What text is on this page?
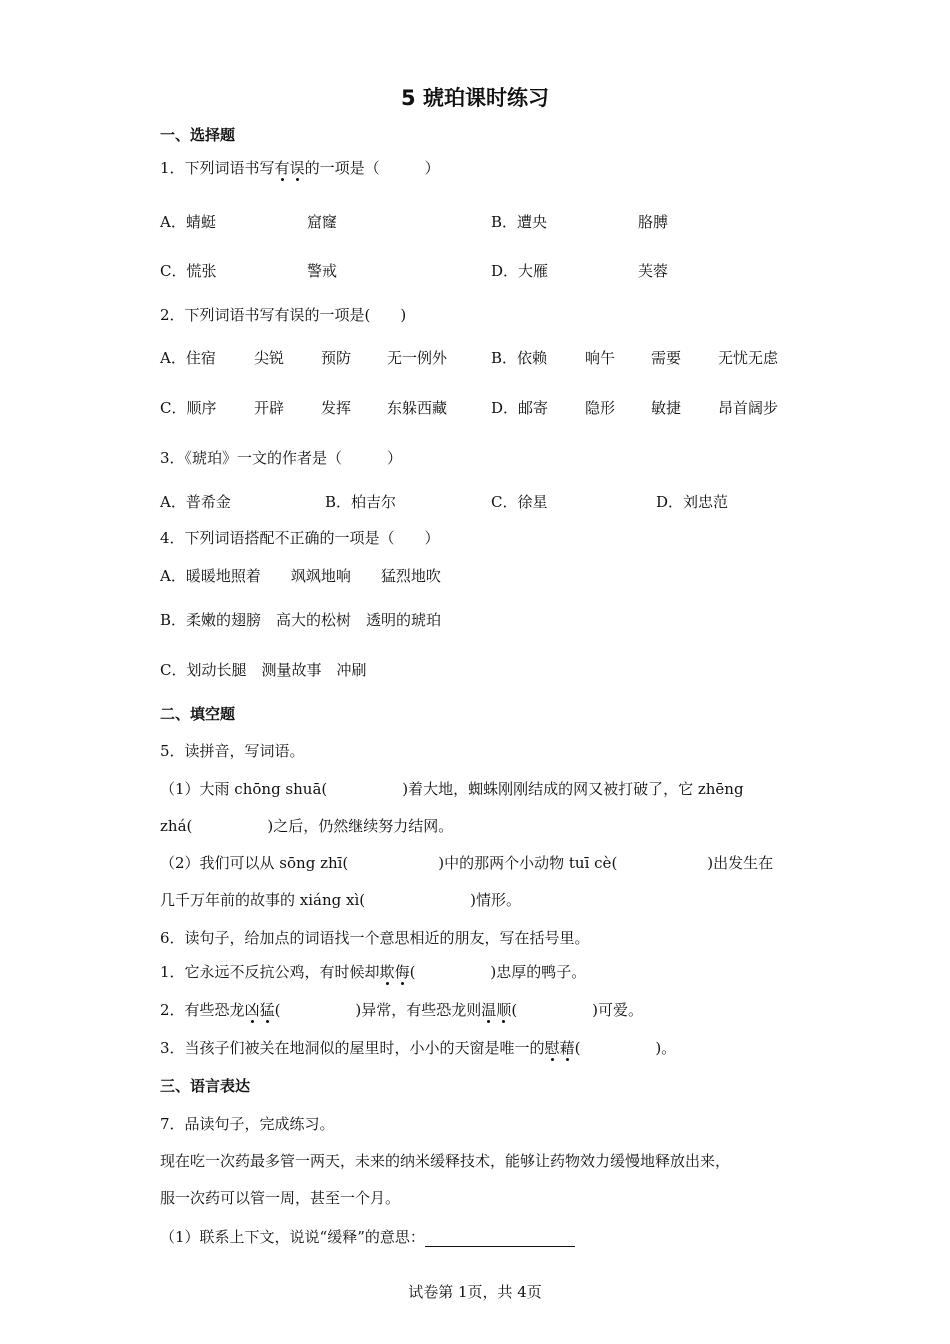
5 琥珀课时练习
一、选择题
1．下列词语书写有误的一项是（　　　）
A．蜻蜓	窟窿	B．遭央	胳膊
C．慌张	警戒	D．大雁	芙蓉
2．下列词语书写有误的一项是(　　)
A．住宿	尖锐 预防 无一例外	B．依赖	响午 需要 无忧无虑
C．顺序	开辟 发挥 东躲西藏	D．邮寄 隐形 敏捷 昂首阔步
3．《琥珀》一文的作者是（　　　）
A．普希金	B．柏吉尔	C．徐星	D．刘忠范
4．下列词语搭配不正确的一项是（　　）
A．暖暖地照着　　飒飒地响　　猛烈地吹
B．柔嫩的翅膀　高大的松树　透明的琥珀
C．划动长腿　测量故事　冲刷
二、填空题
5．读拼音，写词语。
（1）大雨 chōng shuā(　　　　　)着大地，蜘蛛刚刚结成的网又被打破了，它 zhēng
zhá(　　　　　)之后，仍然继续努力结网。
（2）我们可以从 sōng zhī(　　　　　　)中的那两个小动物 tuī cè(　　　　　　)出发生在
几千万年前的故事的 xiáng xì(　　　　　　　)情形。
6．读句子，给加点的词语找一个意思相近的朋友，写在括号里。
1．它永远不反抗公鸡，有时候却欺侮(　　　　　)忠厚的鸭子。
2．有些恐龙凶猛(　　　　　)异常，有些恐龙则温顺(　　　　　)可爱。
3．当孩子们被关在地洞似的屋里时，小小的天窗是唯一的慰藉(　　　　　)。
三、语言表达
7．品读句子，完成练习。
现在吃一次药最多管一两天，未来的纳米缓释技术，能够让药物效力缓慢地释放出来，
服一次药可以管一周，甚至一个月。
（1）联系上下文，说说“缓释”的意思：
试卷第 1页，共 4页
